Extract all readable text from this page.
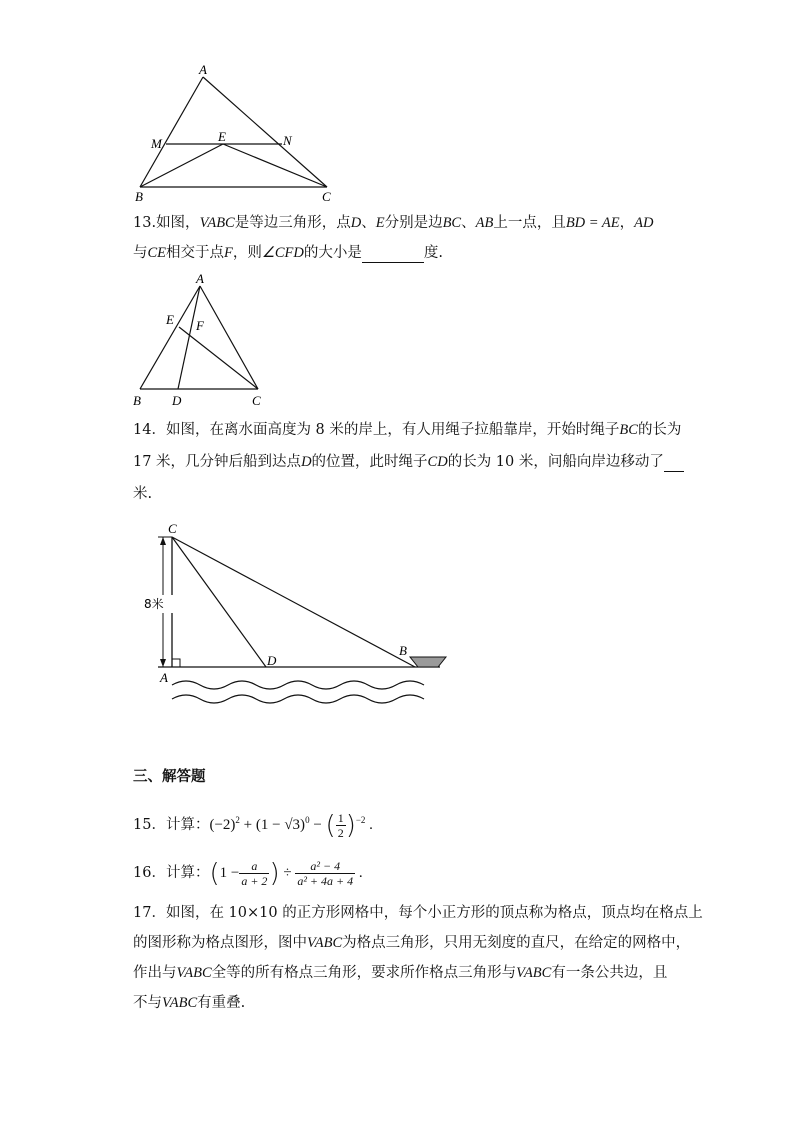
A
M	E	N
B	C
13.如图，VABC是等边三角形，点D、E分别是边BC、AB上一点，且BD = AE，AD
与CE相交于点F，则∠CFD的大小是	度.
A
E F
B D	C
14．如图，在离水面高度为 8 米的岸上，有人用绳子拉船靠岸，开始时绳子BC的长为
17 米，几分钟后船到达点D的位置，此时绳子CD的长为 10 米，问船向岸边移动了
米.
8米
C
D
B
A
三、解答题
15．计算：$(-2)^2 + (1 - √3)^0$ − ( $\frac{1}{2} )^{-2}$ .
16．计算：($1 - \frac{a}{a + 2}$ ) ÷ $\frac{\text{a² − 4}}{\text{a² + 4a + 4}}$ .
17．如图，在 10×10 的正方形网格中，每个小正方形的顶点称为格点，顶点均在格点上
的图形称为格点图形，图中VABC为格点三角形，只用无刻度的直尺，在给定的网格中，
作出与VABC全等的所有格点三角形，要求所作格点三角形与VABC有一条公共边，且
不与VABC有重叠.
